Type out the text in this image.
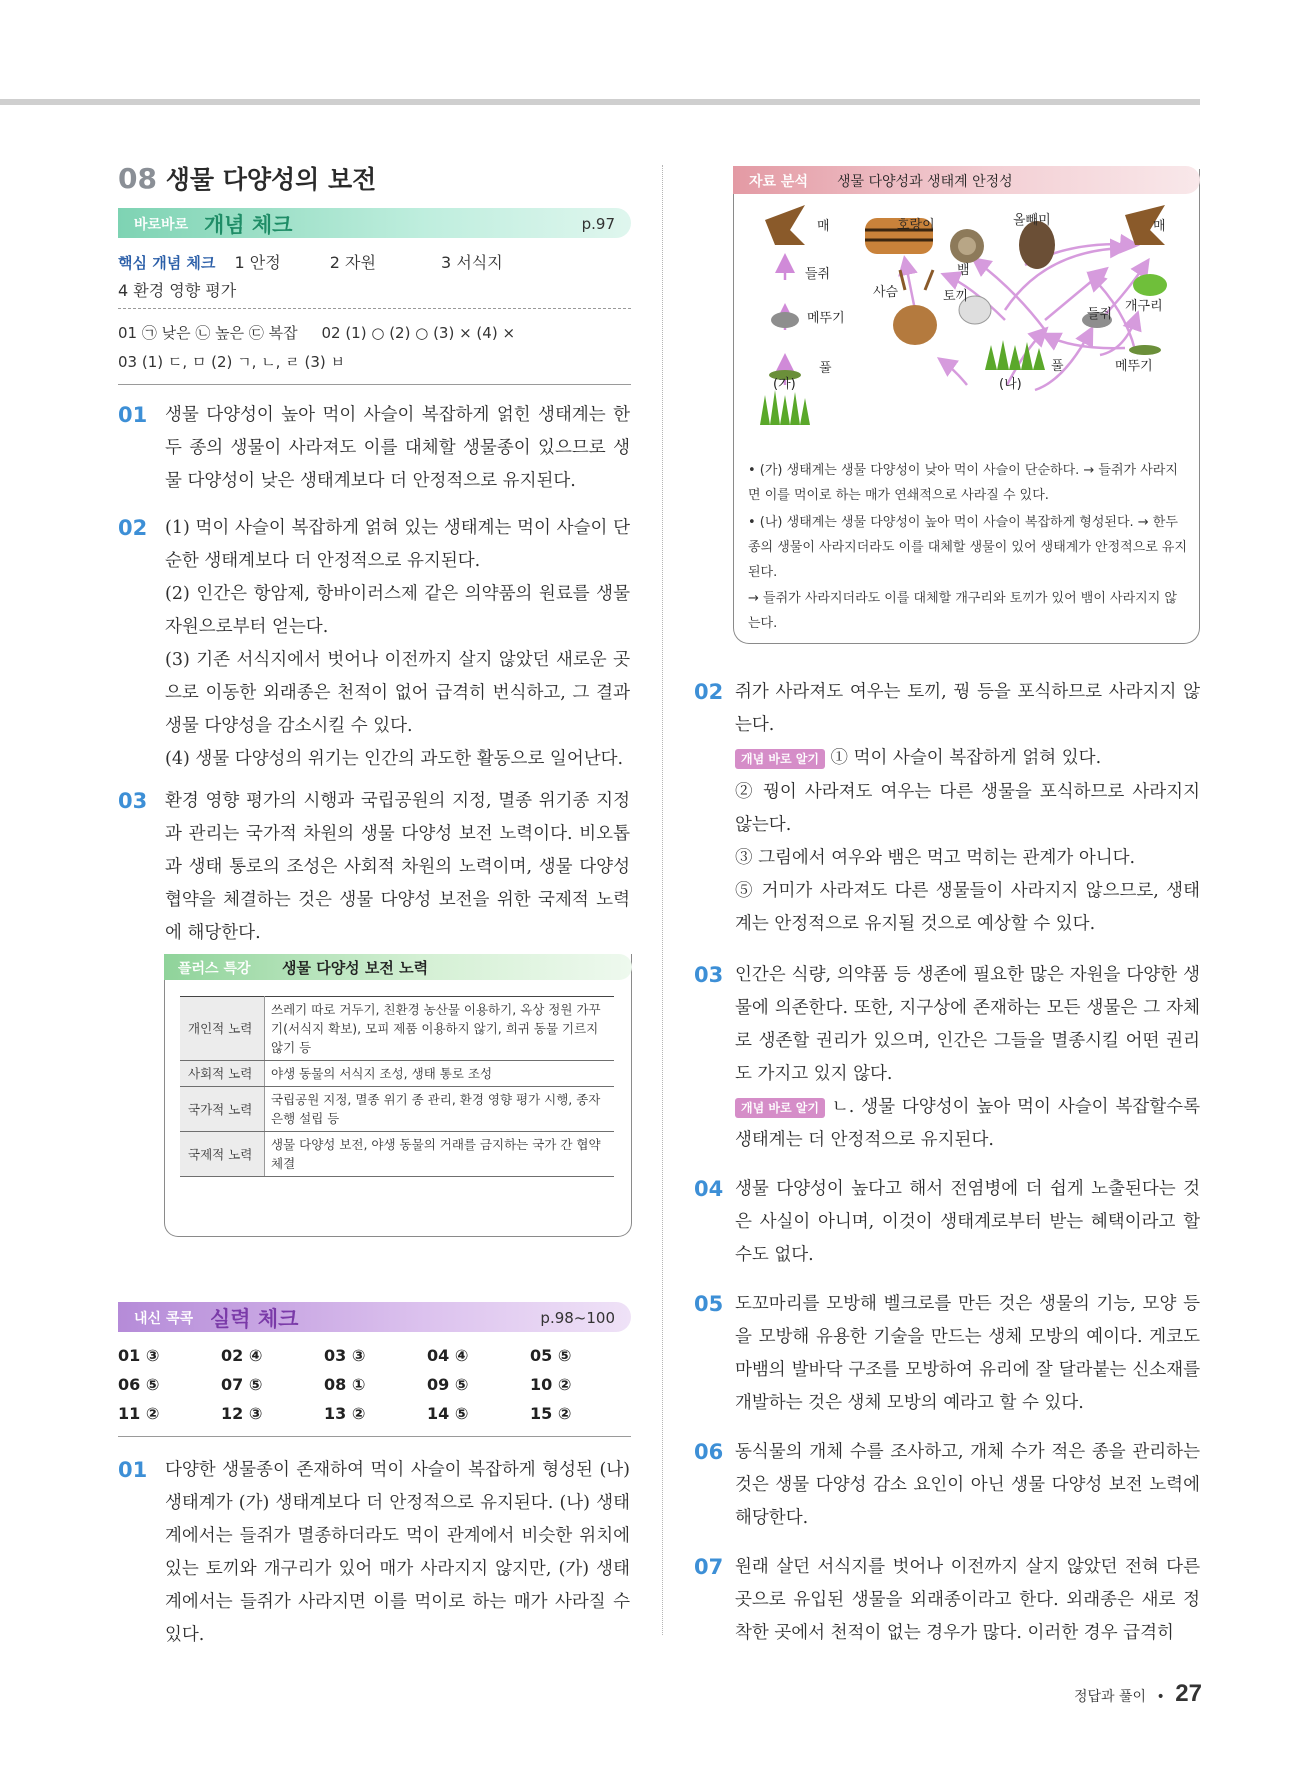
08 생물 다양성의 보전
바로바로 개념 체크	p.97
핵심 개념 체크 1 안정	2 자원	3 서식지
4 환경 영향 평가
01 ㉠ 낮은 ㉡ 높은 ㉢ 복잡     02 (1) ○ (2) ○ (3) × (4) ×
03 (1) ㄷ, ㅁ (2) ㄱ, ㄴ, ㄹ (3) ㅂ
01 생물 다양성이 높아 먹이 사슬이 복잡하게 얽힌 생태계는 한 두 종의 생물이 사라져도 이를 대체할 생물종이 있으므로 생물 다양성이 낮은 생태계보다 더 안정적으로 유지된다.
02 (1) 먹이 사슬이 복잡하게 얽혀 있는 생태계는 먹이 사슬이 단순한 생태계보다 더 안정적으로 유지된다.
(2) 인간은 항암제, 항바이러스제 같은 의약품의 원료를 생물 자원으로부터 얻는다.
(3) 기존 서식지에서 벗어나 이전까지 살지 않았던 새로운 곳으로 이동한 외래종은 천적이 없어 급격히 번식하고, 그 결과 생물 다양성을 감소시킬 수 있다.
(4) 생물 다양성의 위기는 인간의 과도한 활동으로 일어난다.
03 환경 영향 평가의 시행과 국립공원의 지정, 멸종 위기종 지정과 관리는 국가적 차원의 생물 다양성 보전 노력이다. 비오톱과 생태 통로의 조성은 사회적 차원의 노력이며, 생물 다양성 협약을 체결하는 것은 생물 다양성 보전을 위한 국제적 노력에 해당한다.
플러스 특강 생물 다양성 보전 노력
개인적 노력	쓰레기 따로 거두기, 친환경 농산물 이용하기, 옥상 정원 가꾸기(서식지 확보), 모피 제품 이용하지 않기, 희귀 동물 기르지 않기 등
사회적 노력	야생 동물의 서식지 조성, 생태 통로 조성
국가적 노력	국립공원 지정, 멸종 위기 종 관리, 환경 영향 평가 시행, 종자 은행 설립 등
국제적 노력	생물 다양성 보전, 야생 동물의 거래를 금지하는 국가 간 협약 체결
내신 콕콕 실력 체크	p.98~100
01 ③	02 ④	03 ③	04 ④	05 ⑤
06 ⑤	07 ⑤	08 ①	09 ⑤	10 ②
11 ②	12 ③	13 ②	14 ⑤	15 ②
01 다양한 생물종이 존재하여 먹이 사슬이 복잡하게 형성된 (나) 생태계가 (가) 생태계보다 더 안정적으로 유지된다. (나) 생태계에서는 들쥐가 멸종하더라도 먹이 관계에서 비슷한 위치에 있는 토끼와 개구리가 있어 매가 사라지지 않지만, (가) 생태계에서는 들쥐가 사라지면 이를 먹이로 하는 매가 사라질 수 있다.
자료 분석 생물 다양성과 생태계 안정성
매
들쥐
메뚜기
풀
(가)
호랑이
뱀
올빼미	매
사슴	토끼
개구리
들쥐
풀	메뚜기
(나)
• (가) 생태계는 생물 다양성이 낮아 먹이 사슬이 단순하다. → 들쥐가 사라지면 이를 먹이로 하는 매가 연쇄적으로 사라질 수 있다.
• (나) 생태계는 생물 다양성이 높아 먹이 사슬이 복잡하게 형성된다. → 한두 종의 생물이 사라지더라도 이를 대체할 생물이 있어 생태계가 안정적으로 유지된다.
→ 들쥐가 사라지더라도 이를 대체할 개구리와 토끼가 있어 뱀이 사라지지 않는다.
02 쥐가 사라져도 여우는 토끼, 꿩 등을 포식하므로 사라지지 않는다.
개념 바로 알기 ① 먹이 사슬이 복잡하게 얽혀 있다.
② 꿩이 사라져도 여우는 다른 생물을 포식하므로 사라지지 않는다.
③ 그림에서 여우와 뱀은 먹고 먹히는 관계가 아니다.
⑤ 거미가 사라져도 다른 생물들이 사라지지 않으므로, 생태계는 안정적으로 유지될 것으로 예상할 수 있다.
03 인간은 식량, 의약품 등 생존에 필요한 많은 자원을 다양한 생물에 의존한다. 또한, 지구상에 존재하는 모든 생물은 그 자체로 생존할 권리가 있으며, 인간은 그들을 멸종시킬 어떤 권리도 가지고 있지 않다.
개념 바로 알기 ㄴ. 생물 다양성이 높아 먹이 사슬이 복잡할수록 생태계는 더 안정적으로 유지된다.
04 생물 다양성이 높다고 해서 전염병에 더 쉽게 노출된다는 것은 사실이 아니며, 이것이 생태계로부터 받는 혜택이라고 할 수도 없다.
05 도꼬마리를 모방해 벨크로를 만든 것은 생물의 기능, 모양 등을 모방해 유용한 기술을 만드는 생체 모방의 예이다. 게코도마뱀의 발바닥 구조를 모방하여 유리에 잘 달라붙는 신소재를 개발하는 것은 생체 모방의 예라고 할 수 있다.
06 동식물의 개체 수를 조사하고, 개체 수가 적은 종을 관리하는 것은 생물 다양성 감소 요인이 아닌 생물 다양성 보전 노력에 해당한다.
07 원래 살던 서식지를 벗어나 이전까지 살지 않았던 전혀 다른 곳으로 유입된 생물을 외래종이라고 한다. 외래종은 새로 정착한 곳에서 천적이 없는 경우가 많다. 이러한 경우 급격히
정답과 풀이 • 27
